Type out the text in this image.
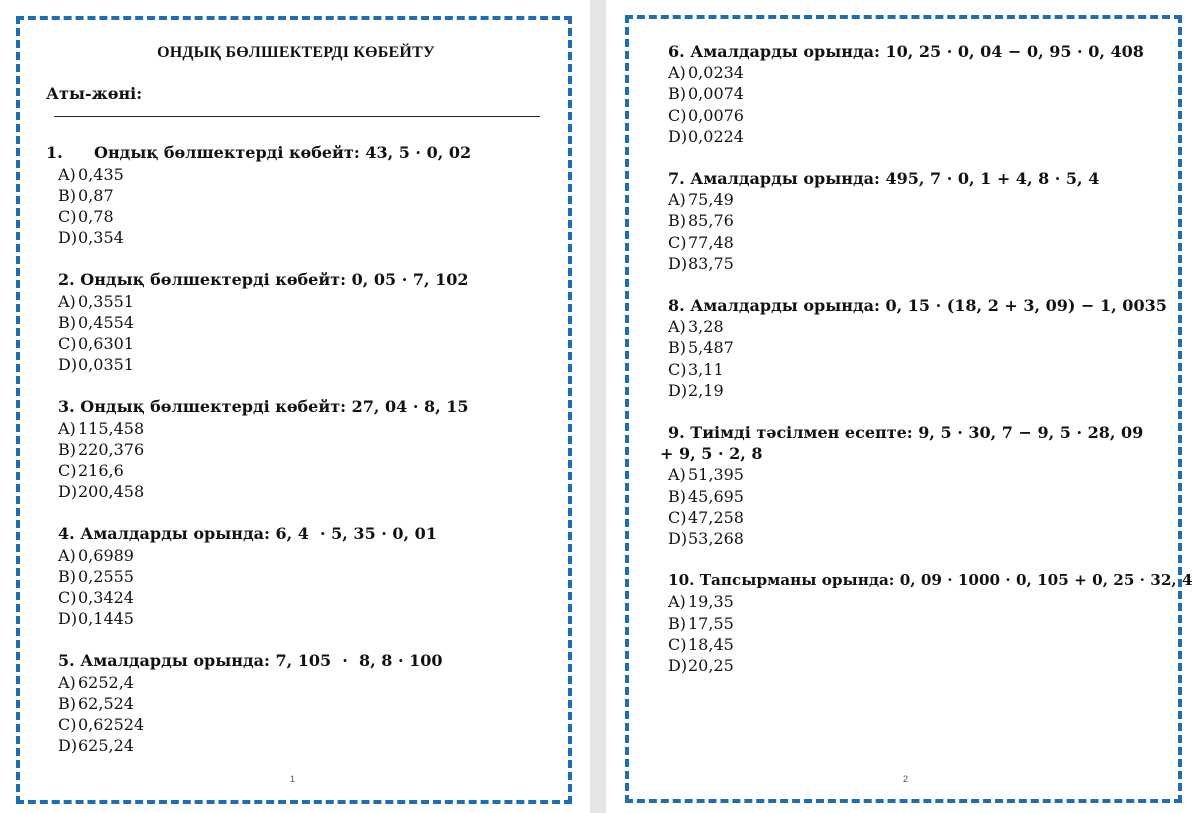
ОНДЫҚ БӨЛШЕКТЕРДІ КӨБЕЙТУ
Аты-жөні:
1. Ондық бөлшектерді көбейт: 43, 5 · 0, 02
A) 0,435
B) 0,87
C)0,78
D)0,354
2. Ондық бөлшектерді көбейт: 0, 05 · 7, 102
A) 0,3551
B) 0,4554
C)0,6301
D)0,0351
3. Ондық бөлшектерді көбейт: 27, 04 · 8, 15
A) 115,458
B) 220,376
C)216,6
D)200,458
4. Амалдарды орында: 6, 4  · 5, 35 · 0, 01
A) 0,6989
B) 0,2555
C)0,3424
D)0,1445
5. Амалдарды орында: 7, 105  ·  8, 8 · 100
A) 6252,4
B) 62,524
C)0,62524
D)625,24
1
6. Амалдарды орында: 10, 25 · 0, 04 − 0, 95 · 0, 408
A) 0,0234
B) 0,0074
C)0,0076
D)0,0224
7. Амалдарды орында: 495, 7 · 0, 1 + 4, 8 · 5, 4
A) 75,49
B) 85,76
C)77,48
D)83,75
8. Амалдарды орында: 0, 15 · (18, 2 + 3, 09) − 1, 0035
A) 3,28
B) 5,487
C)3,11
D)2,19
9. Тиімді тәсілмен есепте: 9, 5 · 30, 7 − 9, 5 · 28, 09 + 9, 5 · 2, 8
A) 51,395
B) 45,695
C)47,258
D)53,268
10. Тапсырманы орында: 0, 09 · 1000 · 0, 105 + 0, 25 · 32, 4
A) 19,35
B) 17,55
C)18,45
D)20,25
2
